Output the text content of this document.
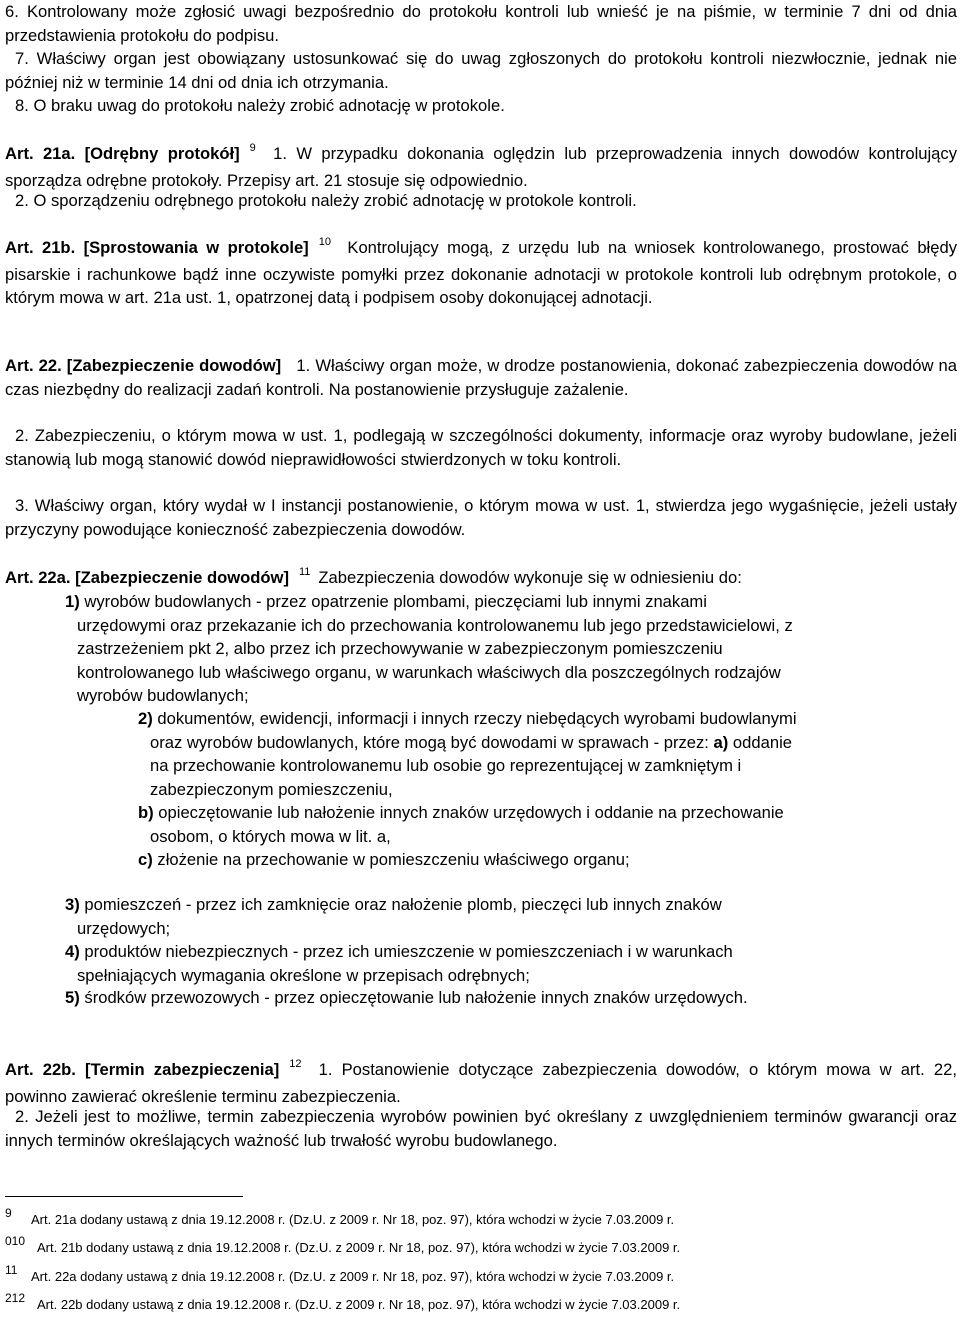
6. Kontrolowany może zgłosić uwagi bezpośrednio do protokołu kontroli lub wnieść je na piśmie, w terminie 7 dni od dnia przedstawienia protokołu do podpisu.

7. Właściwy organ jest obowiązany ustosunkować się do uwag zgłoszonych do protokołu kontroli niezwłocznie, jednak nie później niż w terminie 14 dni od dnia ich otrzymania.

8. O braku uwag do protokołu należy zrobić adnotację w protokole.

Art. 21a. [Odrębny protokół] $^9$ 1. W przypadku dokonania oględzin lub przeprowadzenia innych dowodów kontrolujący sporządza odrębne protokoły. Przepisy art. 21 stosuje się odpowiednio.

2. O sporządzeniu odrębnego protokołu należy zrobić adnotację w protokole kontroli.

Art. 21b. [Sprostowania w protokole] $^{10}$ Kontrolujący mogą, z urzędu lub na wniosek kontrolowanego, prostować błędy pisarskie i rachunkowe bądź inne oczywiste pomyłki przez dokonanie adnotacji w protokole kontroli lub odrębnym protokole, o którym mowa w art. 21a ust. 1, opatrzonej datą i podpisem osoby dokonującej adnotacji.

Art. 22. [Zabezpieczenie dowodów] 1. Właściwy organ może, w drodze postanowienia, dokonać zabezpieczenia dowodów na czas niezbędny do realizacji zadań kontroli. Na postanowienie przysługuje zażalenie.

2. Zabezpieczeniu, o którym mowa w ust. 1, podlegają w szczególności dokumenty, informacje oraz wyroby budowlane, jeżeli stanowią lub mogą stanowić dowód nieprawidłowości stwierdzonych w toku kontroli.

3. Właściwy organ, który wydał w I instancji postanowienie, o którym mowa w ust. 1, stwierdza jego wygaśnięcie, jeżeli ustały przyczyny powodujące konieczność zabezpieczenia dowodów.

Art. 22a. [Zabezpieczenie dowodów] $^{11}$ Zabezpieczenia dowodów wykonuje się w odniesieniu do:

1) wyrobów budowlanych - przez opatrzenie plombami, pieczęciami lub innymi znakami
urzędowymi oraz przekazanie ich do przechowania kontrolowanemu lub jego przedstawicielowi, z
zastrzeżeniem pkt 2, albo przez ich przechowywanie w zabezpieczonym pomieszczeniu
kontrolowanego lub właściwego organu, w warunkach właściwych dla poszczególnych rodzajów
wyrobów budowlanych;
2) dokumentów, ewidencji, informacji i innych rzeczy niebędących wyrobami budowlanymi
oraz wyrobów budowlanych, które mogą być dowodami w sprawach - przez: a) oddanie
na przechowanie kontrolowanemu lub osobie go reprezentującej w zamkniętym i
zabezpieczonym pomieszczeniu,
b) opieczętowanie lub nałożenie innych znaków urzędowych i oddanie na przechowanie
osobom, o których mowa w lit. a,
c) złożenie na przechowanie w pomieszczeniu właściwego organu;
3) pomieszczeń - przez ich zamknięcie oraz nałożenie plomb, pieczęci lub innych znaków
urzędowych;
4) produktów niebezpiecznych - przez ich umieszczenie w pomieszczeniach i w warunkach
spełniających wymagania określone w przepisach odrębnych;
5) środków przewozowych - przez opieczętowanie lub nałożenie innych znaków urzędowych.

Art. 22b. [Termin zabezpieczenia] $^{12}$ 1. Postanowienie dotyczące zabezpieczenia dowodów, o którym mowa w art. 22, powinno zawierać określenie terminu zabezpieczenia.

2. Jeżeli jest to możliwe, termin zabezpieczenia wyrobów powinien być określany z uwzględnieniem terminów gwarancji oraz innych terminów określających ważność lub trwałość wyrobu budowlanego.

9 Art. 21a dodany ustawą z dnia 19.12.2008 r. (Dz.U. z 2009 r. Nr 18, poz. 97), która wchodzi w życie 7.03.2009 r.
010 Art. 21b dodany ustawą z dnia 19.12.2008 r. (Dz.U. z 2009 r. Nr 18, poz. 97), która wchodzi w życie 7.03.2009 r.
11 Art. 22a dodany ustawą z dnia 19.12.2008 r. (Dz.U. z 2009 r. Nr 18, poz. 97), która wchodzi w życie 7.03.2009 r.
212 Art. 22b dodany ustawą z dnia 19.12.2008 r. (Dz.U. z 2009 r. Nr 18, poz. 97), która wchodzi w życie 7.03.2009 r.
